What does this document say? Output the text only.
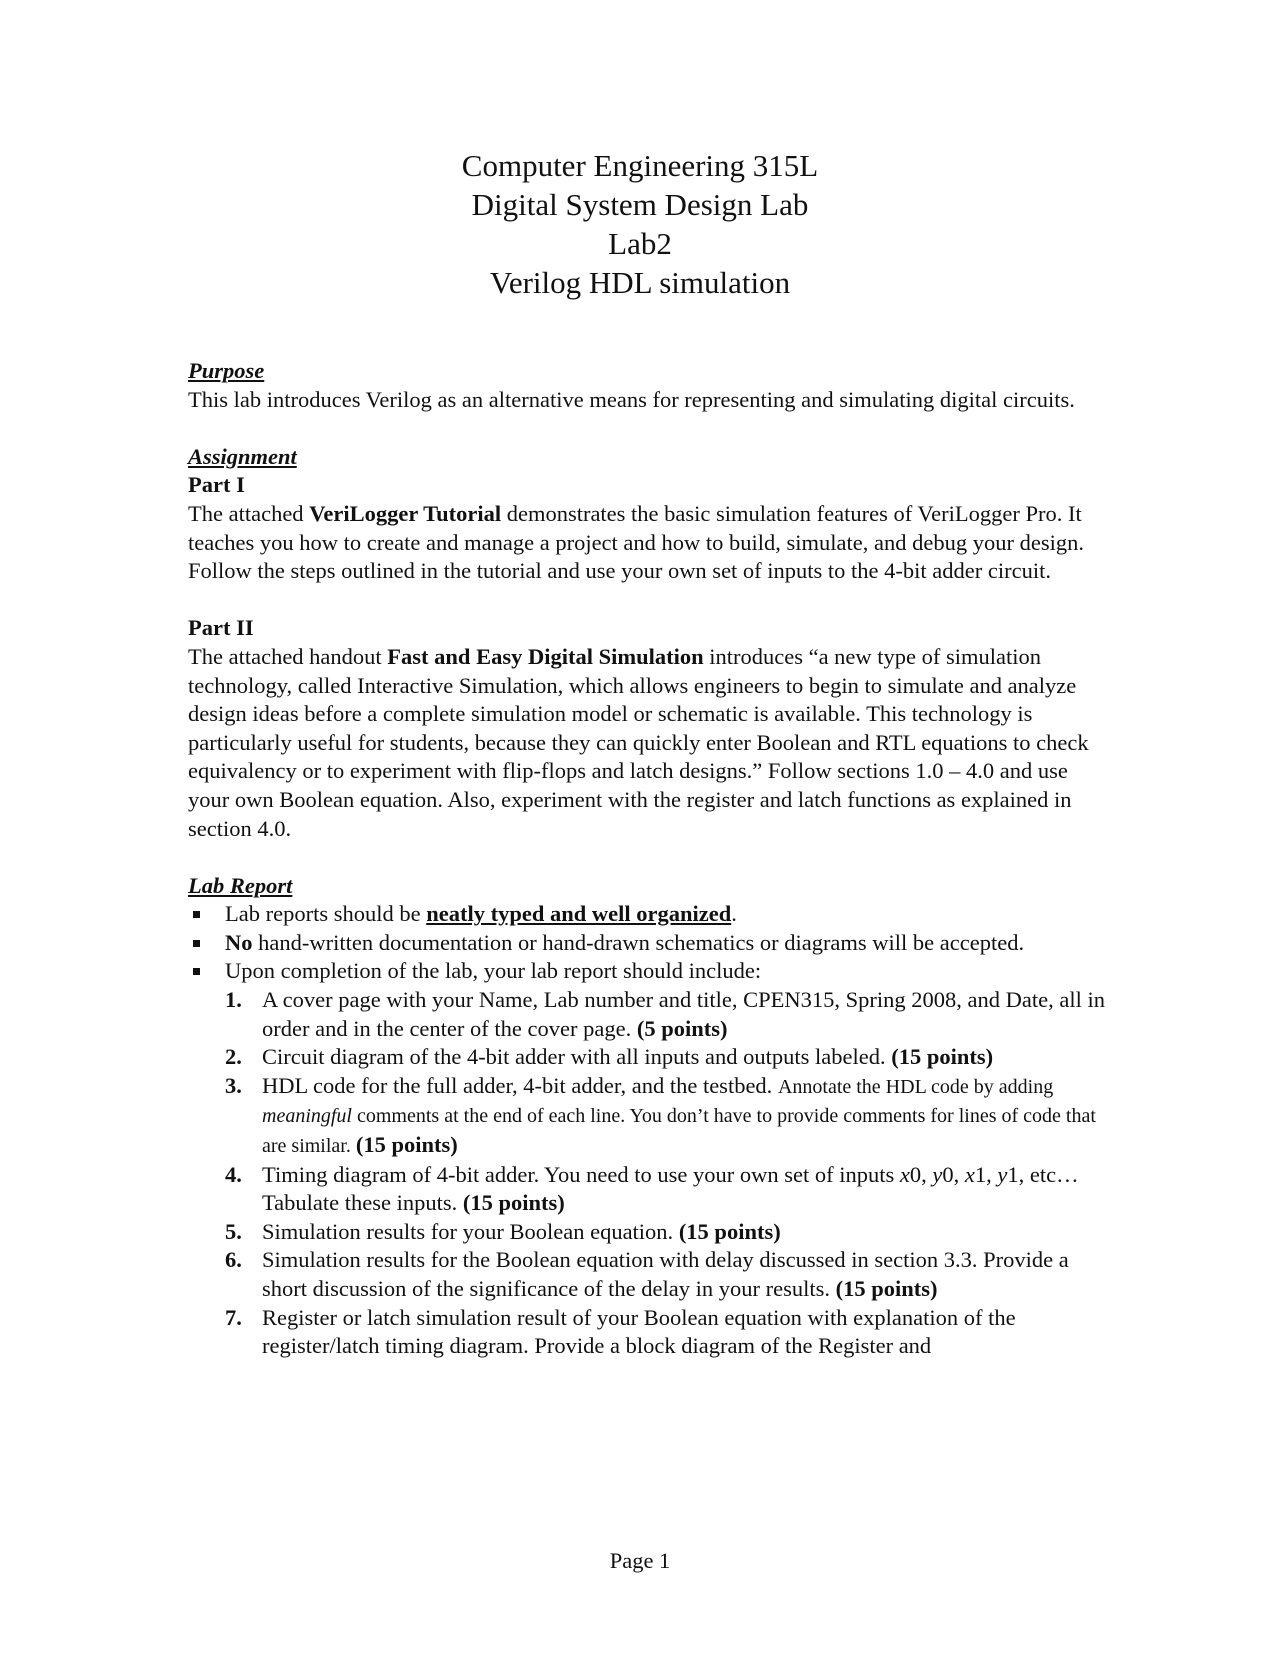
Computer Engineering 315L
Digital System Design Lab
Lab2
Verilog HDL simulation
Purpose

This lab introduces Verilog as an alternative means for representing and simulating digital circuits.

Assignment
Part I

The attached VeriLogger Tutorial demonstrates the basic simulation features of VeriLogger Pro. It teaches you how to create and manage a project and how to build, simulate, and debug your design. Follow the steps outlined in the tutorial and use your own set of inputs to the 4-bit adder circuit.

Part II

The attached handout Fast and Easy Digital Simulation introduces “a new type of simulation technology, called Interactive Simulation, which allows engineers to begin to simulate and analyze design ideas before a complete simulation model or schematic is available. This technology is particularly useful for students, because they can quickly enter Boolean and RTL equations to check equivalency or to experiment with flip-flops and latch designs.” Follow sections 1.0 – 4.0 and use your own Boolean equation. Also, experiment with the register and latch functions as explained in section 4.0.

Lab Report
Lab reports should be neatly typed and well organized.
No hand-written documentation or hand-drawn schematics or diagrams will be accepted.
Upon completion of the lab, your lab report should include:
1. A cover page with your Name, Lab number and title, CPEN315, Spring 2008, and Date, all in order and in the center of the cover page. (5 points)
2. Circuit diagram of the 4-bit adder with all inputs and outputs labeled. (15 points)
3. HDL code for the full adder, 4-bit adder, and the testbed. Annotate the HDL code by adding meaningful comments at the end of each line. You don’t have to provide comments for lines of code that are similar. (15 points)
4. Timing diagram of 4-bit adder. You need to use your own set of inputs x0, y0, x1, y1, etc…Tabulate these inputs. (15 points)
5. Simulation results for your Boolean equation. (15 points)
6. Simulation results for the Boolean equation with delay discussed in section 3.3. Provide a short discussion of the significance of the delay in your results. (15 points)
7. Register or latch simulation result of your Boolean equation with explanation of the register/latch timing diagram. Provide a block diagram of the Register and
Page 1
